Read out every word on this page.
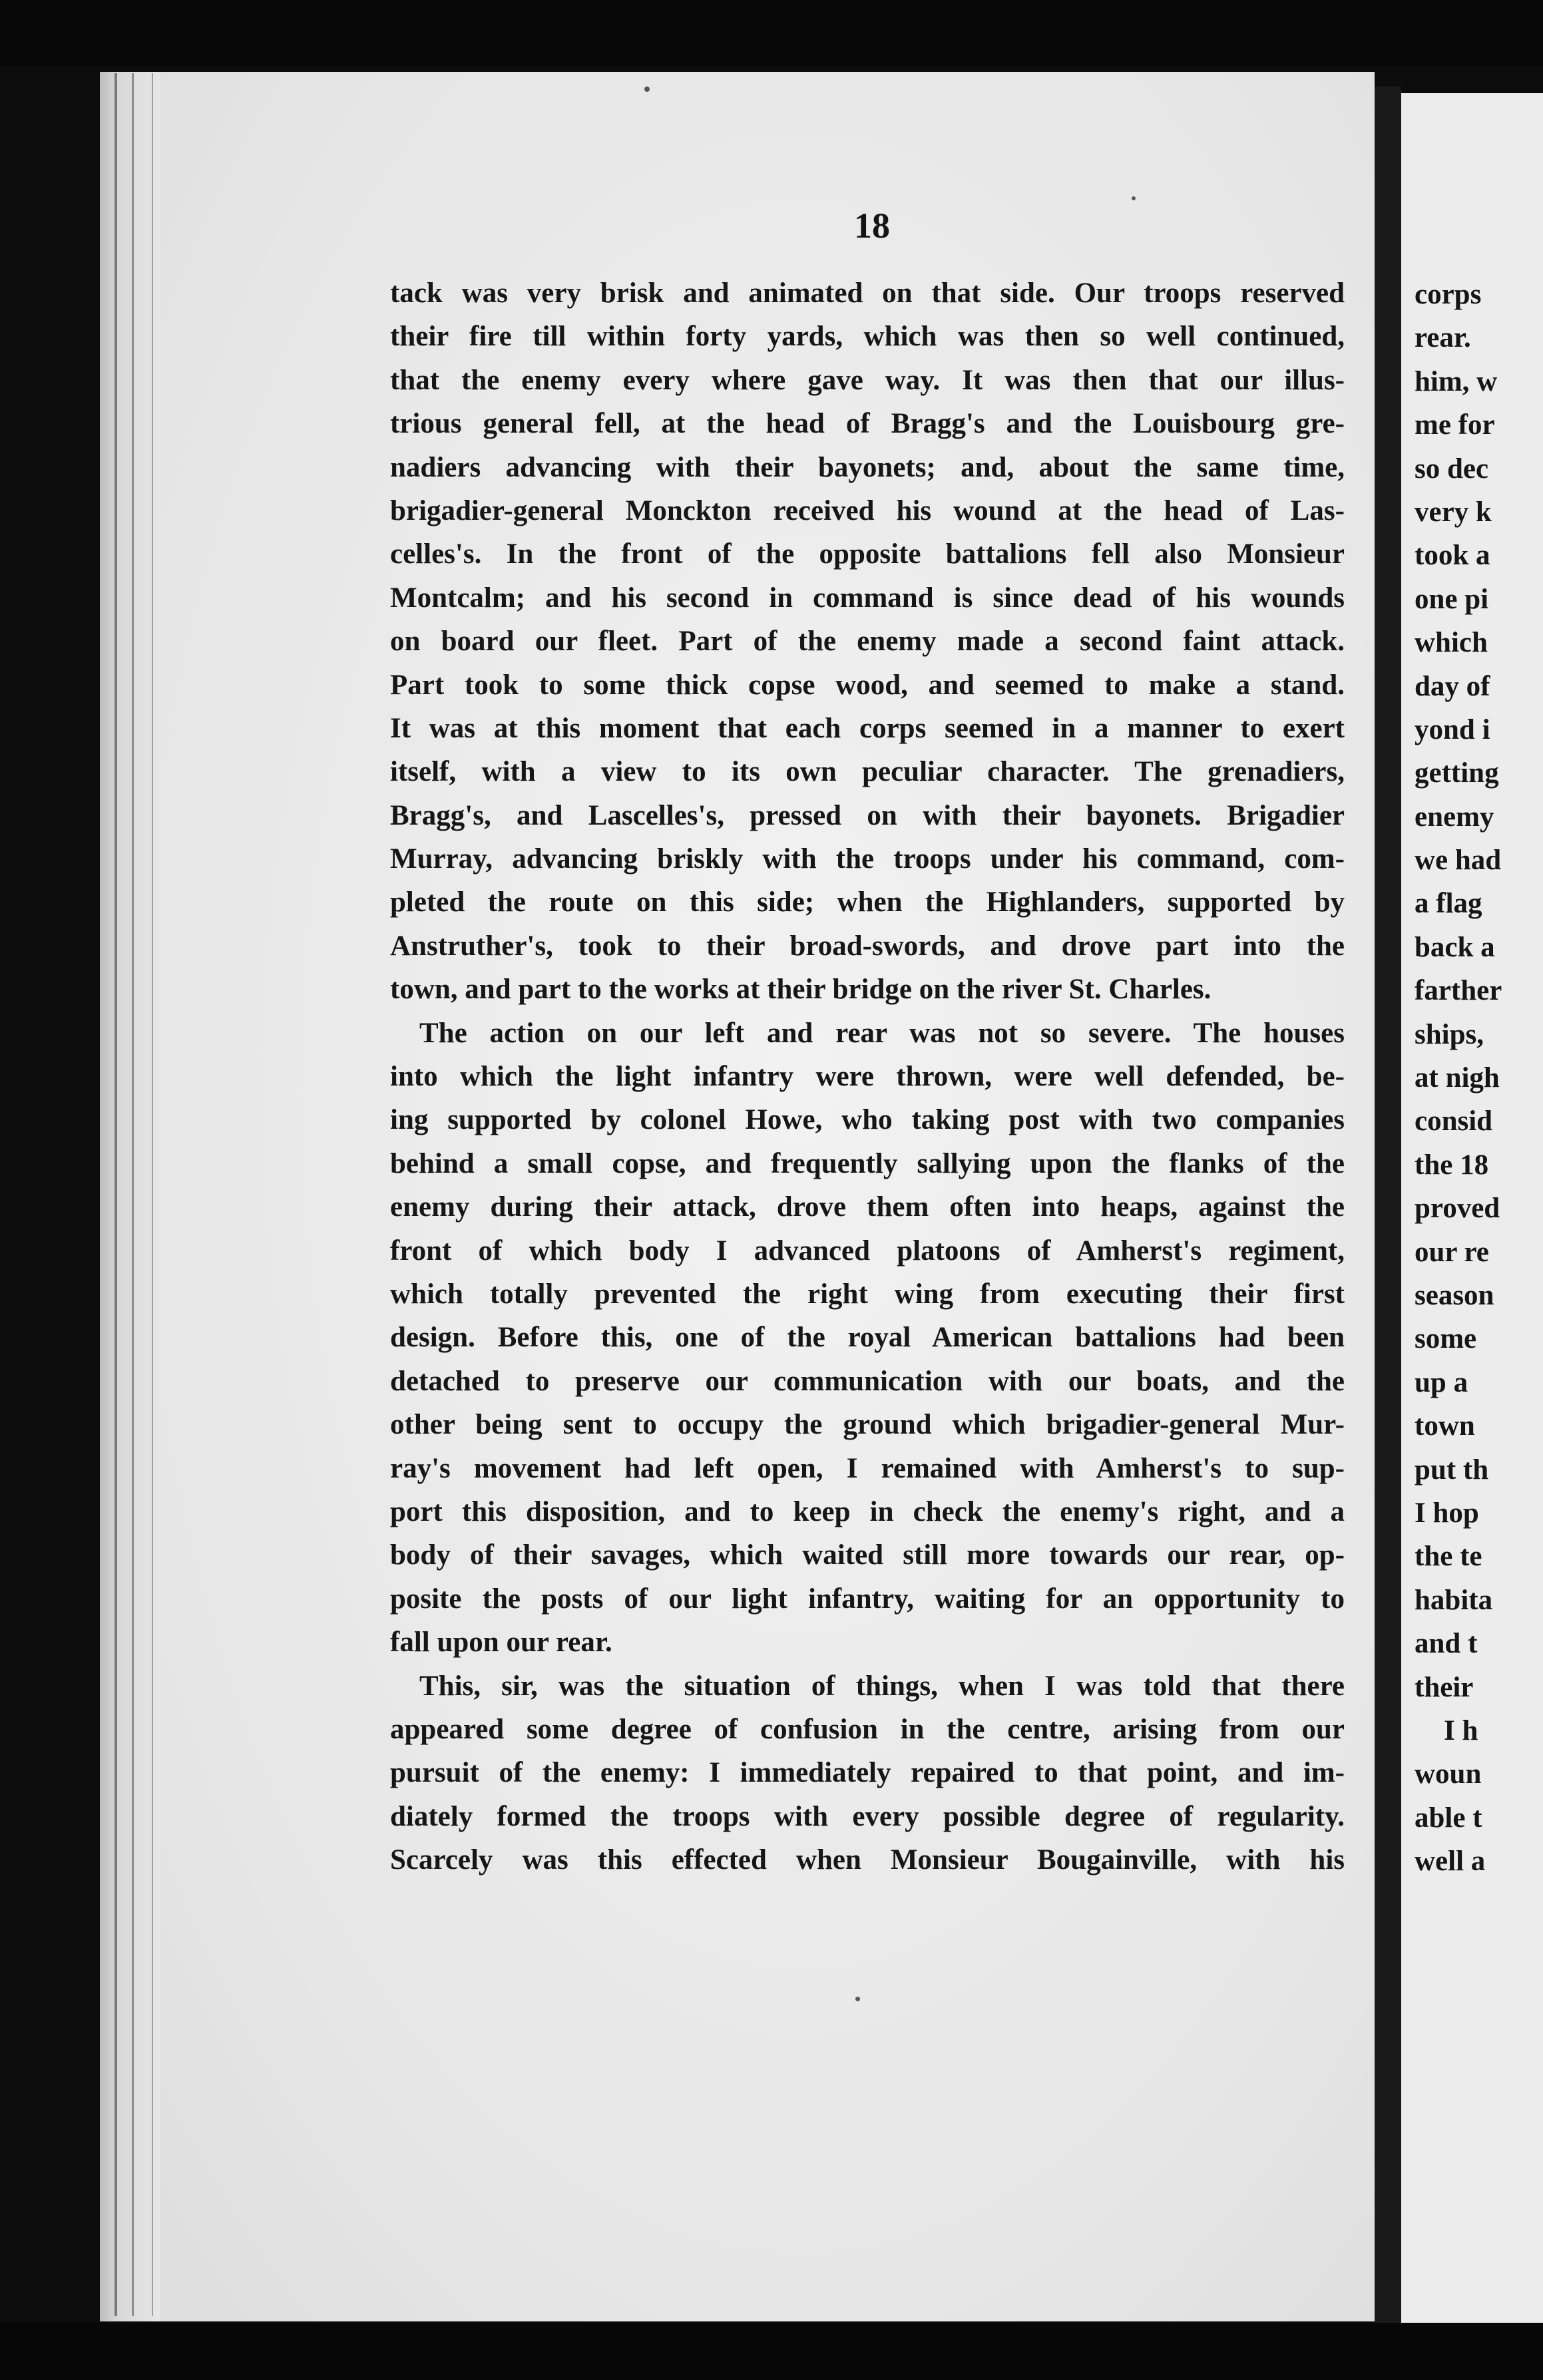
18
tack was very brisk and animated on that side. Our troops reserved
their fire till within forty yards, which was then so well continued,
that the enemy every where gave way. It was then that our illus-
trious general fell, at the head of Bragg's and the Louisbourg gre-
nadiers advancing with their bayonets; and, about the same time,
brigadier-general Monckton received his wound at the head of Las-
celles's. In the front of the opposite battalions fell also Monsieur
Montcalm; and his second in command is since dead of his wounds
on board our fleet. Part of the enemy made a second faint attack.
Part took to some thick copse wood, and seemed to make a stand.
It was at this moment that each corps seemed in a manner to exert
itself, with a view to its own peculiar character. The grenadiers,
Bragg's, and Lascelles's, pressed on with their bayonets. Brigadier
Murray, advancing briskly with the troops under his command, com-
pleted the route on this side; when the Highlanders, supported by
Anstruther's, took to their broad-swords, and drove part into the
town, and part to the works at their bridge on the river St. Charles.
The action on our left and rear was not so severe. The houses
into which the light infantry were thrown, were well defended, be-
ing supported by colonel Howe, who taking post with two companies
behind a small copse, and frequently sallying upon the flanks of the
enemy during their attack, drove them often into heaps, against the
front of which body I advanced platoons of Amherst's regiment,
which totally prevented the right wing from executing their first
design. Before this, one of the royal American battalions had been
detached to preserve our communication with our boats, and the
other being sent to occupy the ground which brigadier-general Mur-
ray's movement had left open, I remained with Amherst's to sup-
port this disposition, and to keep in check the enemy's right, and a
body of their savages, which waited still more towards our rear, op-
posite the posts of our light infantry, waiting for an opportunity to
fall upon our rear.
This, sir, was the situation of things, when I was told that there
appeared some degree of confusion in the centre, arising from our
pursuit of the enemy: I immediately repaired to that point, and im-
diately formed the troops with every possible degree of regularity.
Scarcely was this effected when Monsieur Bougainville, with his
corps
rear.
him, w
me for
so dec
very k
took a
one pi
which
day of
yond i
getting
enemy
we had
a flag
back a
farther
ships,
at nigh
consid
the 18
proved
our re
season
some
up a
town
put th
I hop
the te
habita
and t
their
I h
woun
able t
well a
